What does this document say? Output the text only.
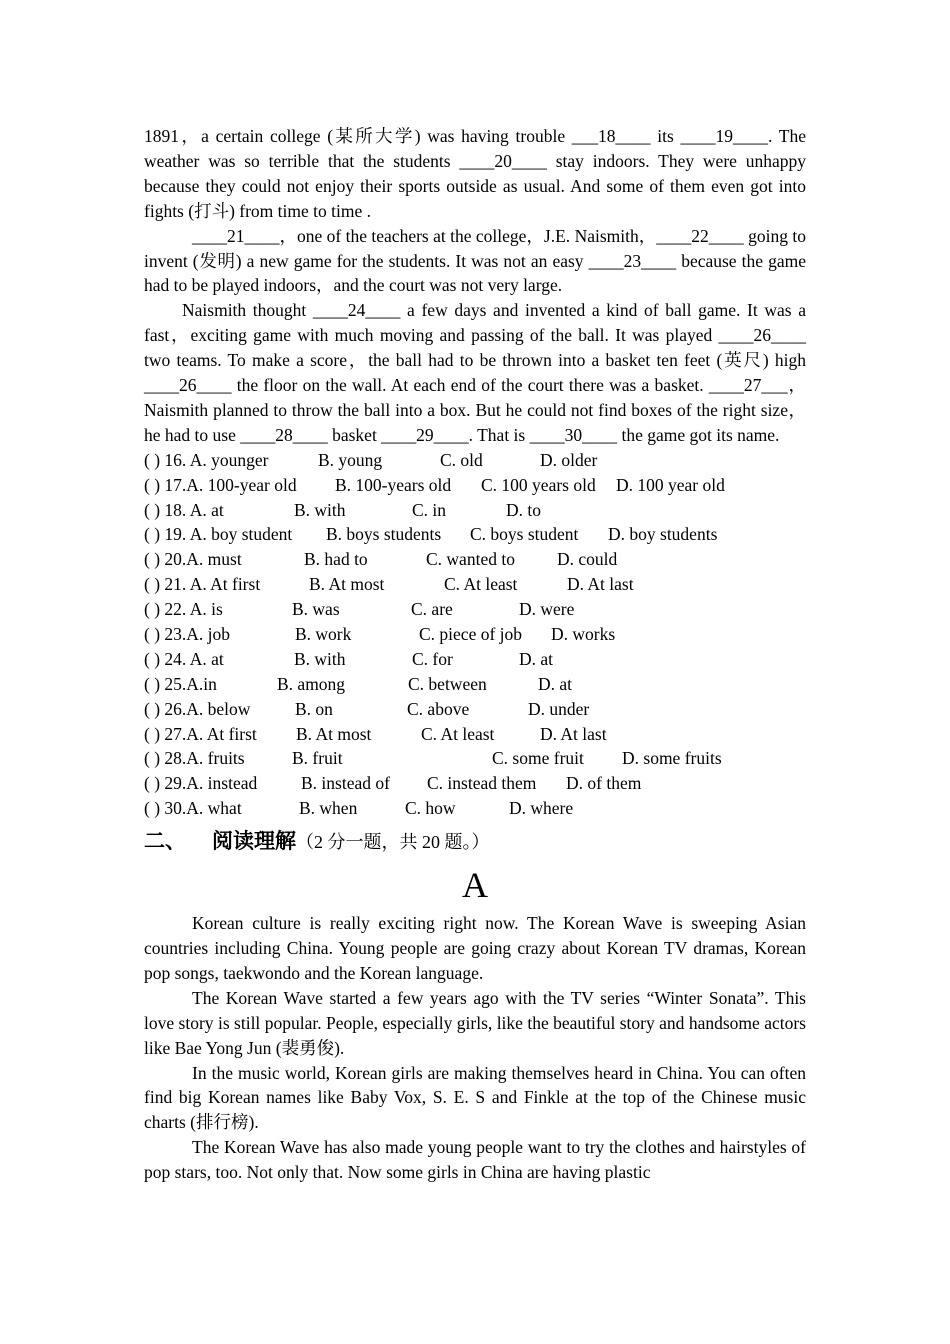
1891，a certain college (某所大学) was having trouble ___18____ its ____19____. The weather was so terrible that the students ____20____ stay indoors. They were unhappy because they could not enjoy their sports outside as usual. And some of them even got into fights (打斗) from time to time .

____21____，one of the teachers at the college，J.E. Naismith，____22____ going to invent (发明) a new game for the students. It was not an easy ____23____ because the game had to be played indoors，and the court was not very large.

Naismith thought ____24____ a few days and invented a kind of ball game. It was a fast，exciting game with much moving and passing of the ball. It was played ____26____ two teams. To make a score，the ball had to be thrown into a basket ten feet (英尺) high ____26____ the floor on the wall. At each end of the court there was a basket. ____27___，Naismith planned to throw the ball into a box. But he could not find boxes of the right size， he had to use ____28____ basket ____29____. That is ____30____ the game got its name.

( ) 16. A. younger	B. young	C. old	D. older
( ) 17.A. 100-year old	B. 100-years old	C. 100 years old	D. 100 year old
( ) 18. A. at	B. with	C. in	D. to
( ) 19. A. boy student	B. boys students	C. boys student	D. boy students
( ) 20.A. must	B. had to	C. wanted to	D. could
( ) 21. A. At first	B. At most	C. At least	D. At last
( ) 22. A. is	B. was	C. are	D. were
( ) 23.A. job	B. work	C. piece of job	D. works
( ) 24. A. at	B. with	C. for	D. at
( ) 25.A.in	B. among	C. between	D. at
( ) 26.A. below	B. on	C. above	D. under
( ) 27.A. At first	B. At most	C. At least	D. At last
( ) 28.A. fruits	B. fruit	C. some fruit	D. some fruits
( ) 29.A. instead	B. instead of	C. instead them	D. of them
( ) 30.A. what	B. when	C. how	D. where
二、 阅读理解（2 分一题，共 20 题。）
A

Korean culture is really exciting right now. The Korean Wave is sweeping Asian countries including China. Young people are going crazy about Korean TV dramas, Korean pop songs, taekwondo and the Korean language.

The Korean Wave started a few years ago with the TV series “Winter Sonata”. This love story is still popular. People, especially girls, like the beautiful story and handsome actors like Bae Yong Jun (裴勇俊).

In the music world, Korean girls are making themselves heard in China. You can often find big Korean names like Baby Vox, S. E. S and Finkle at the top of the Chinese music charts (排行榜).

The Korean Wave has also made young people want to try the clothes and hairstyles of pop stars, too. Not only that. Now some girls in China are having plastic
